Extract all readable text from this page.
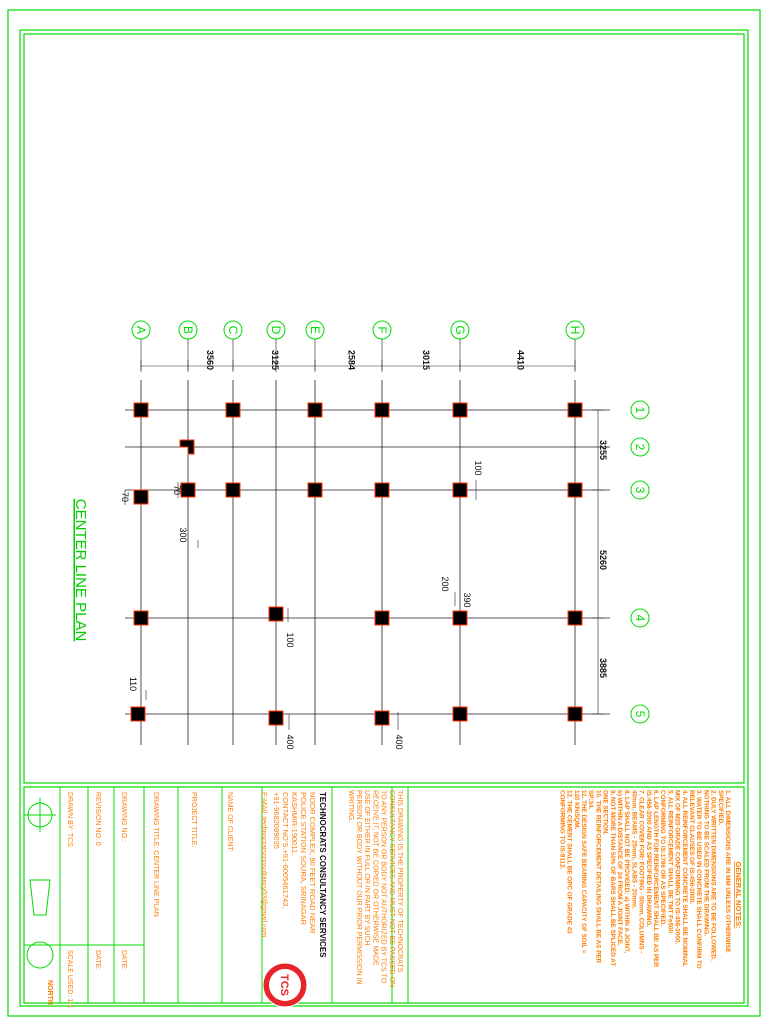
3560	3125	2584	3015	4410
3255
5260
3885
70
70
300
100
200
390
100
110
400	400
A	B	C D E	F	G	H
1
2
3
4
5
CENTER LINE PLAN
NORTH
DRAWN BY: TCS
SCALE USED: 1:1
REVISION NO: 0
DATE:
DRAWING NO.:
DATE:
DRAWING TITLE: CENTER LINE PLAN	PROJECT TITLE:	NAME OF CLIENT:	TECHNOCRATS CONSULTANCY SERVICES
NOOR COMPLEX, 80 FEET ROAD NEAR
POLICE STATION SOURA, SRINAGAR
KASHMIR-190011.
CONTACT NO'S.+91-6005461743,
+91-9682089035
E-MAIL:technocratsconsultancy03@gmail.com
TCS
THIS DRAWING IS THE PROPERTY OF TECHNOCRATS
CONSULTANCY SERVICES AND MUST NOT BE PASSED ON
TO ANY PERSON OR BODY NOT AUTHORIZED BY TCS TO
RECEIVE IT, NOT BE COPIED OR OTHERWISE MADE
USE OF EITHER IN FULL OR IN PART BY SUCH
PERSON OR BODY WITHOUT OUR PRIOR PERMISSION IN
WRITING.
GENERAL NOTES:
1. ALL DIMENSIONS ARE IN MM UNLESS OTHERWISE
SPECIFIED.
2. DULY WRITTEN DIMENSIONS ARE TO BE FOLLOWED,
NOTHING TO BE SCALED FROM THE DRAWING.
3. WATER TO BE USED IN CONCRETE SHALL CONFIRM TO
RELEVANT CLAUSES OF IS:456-2000.
4. ALL REINFORCEMENT CONCRETE SHALL BE NOMINAL
MIX OF M20 GRADE CONFORMING TO IS:456-2000.
5. ALL REINFORCEMENT SHALL BE TMT Fe500
CONFORMING TO IS:1786 OR AS SPECIFIED.
6. LAP LENGTH FOR REINFORCEMENT SHALL BE AS PER
IS:456-2000 AND AS SPECIFIED IN DRAWING.
7. CLEAR COVER FOR: FOOTING - 50mm, COLUMNS -
40mm, BEAMS - 25mm, SLABS - 20mm.
8. LAP SHALL NOT BE PROVIDED: a) WITHIN A JOINT,
b) WITHIN A DISTANCE OF 2d FROM A JOINT FACE.
9. NOT MORE THAN 50% OF BARS SHALL BE SPLICED AT
ONE SECTION.
10. THE REINFORCEMENT DETAILING SHALL BE AS PER
SP:34.
11. THE DESIGN SAFE BEARING CAPACITY OF SOIL =
120 KN/SQM.
12. THE CEMENT SHALL BE OPC OF GRADE 43
CONFORMING TO IS:8112.
